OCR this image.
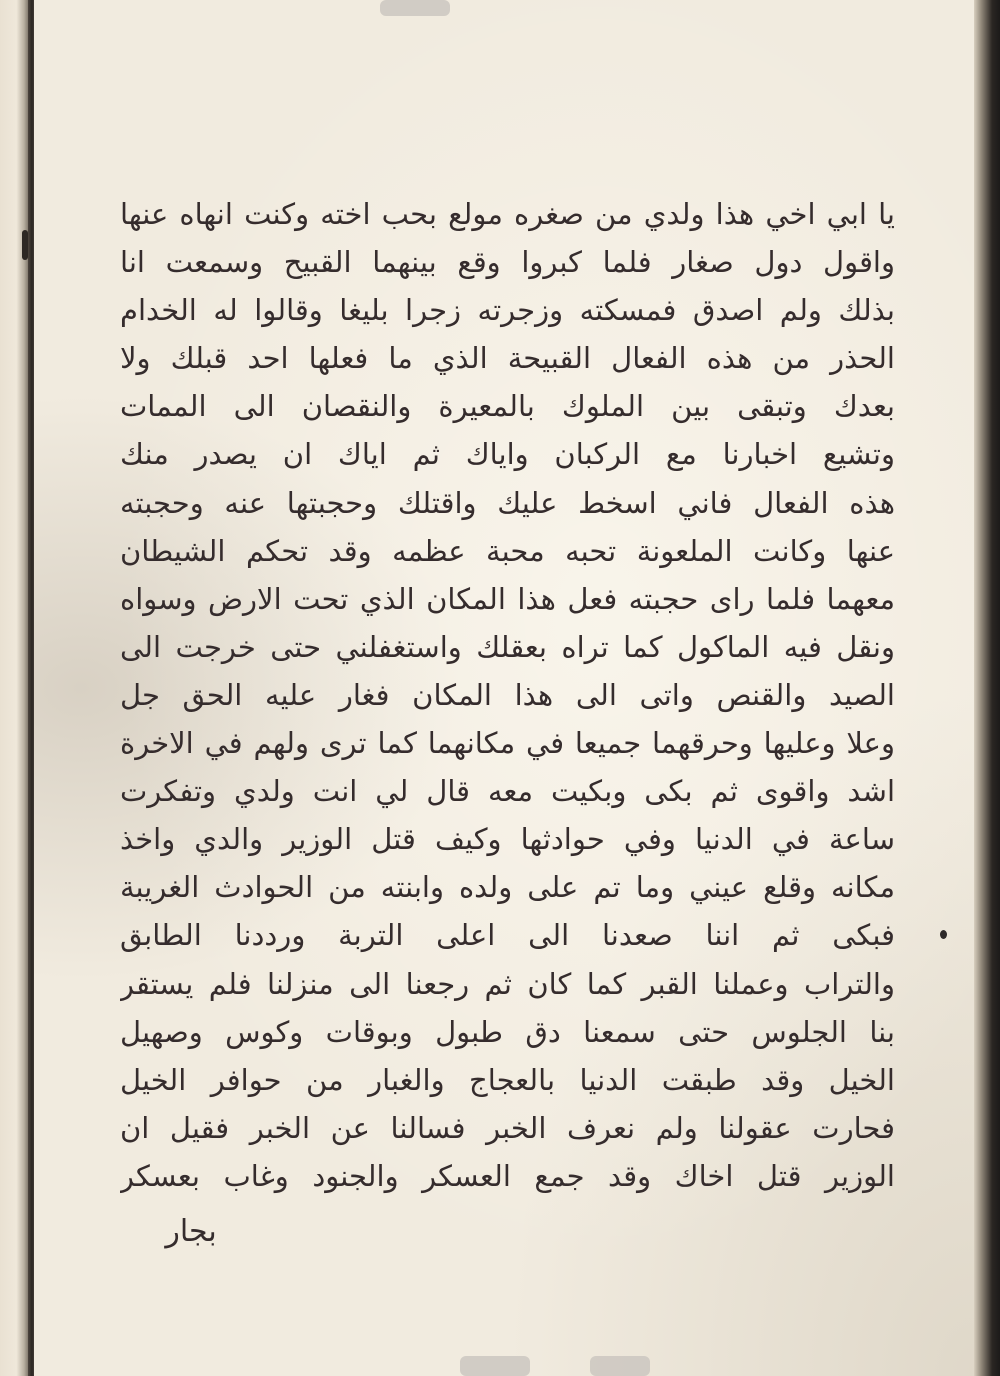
يا ابي اخي هذا ولدي من صغره مولع بحب اخته وكنت انهاه عنها
واقول دول صغار فلما كبروا وقع بينهما القبيح وسمعت انا
بذلك ولم اصدق فمسكته وزجرته زجرا بليغا وقالوا له الخدام
الحذر من هذه الفعال القبيحة الذي ما فعلها احد قبلك ولا
بعدك وتبقى بين الملوك بالمعيرة والنقصان الى الممات
وتشيع اخبارنا مع الركبان واياك ثم اياك ان يصدر منك
هذه الفعال فاني اسخط عليك واقتلك وحجبتها عنه وحجبته
عنها وكانت الملعونة تحبه محبة عظمه وقد تحكم الشيطان
معهما فلما راى حجبته فعل هذا المكان الذي تحت الارض وسواه
ونقل فيه الماكول كما تراه بعقلك واستغفلني حتى خرجت الى
الصيد والقنص واتى الى هذا المكان فغار عليه الحق جل
وعلا وعليها وحرقهما جميعا في مكانهما كما ترى ولهم في الاخرة
اشد واقوى ثم بكى وبكيت معه قال لي انت ولدي وتفكرت
ساعة في الدنيا وفي حوادثها وكيف قتل الوزير والدي واخذ
مكانه وقلع عيني وما تم على ولده وابنته من الحوادث الغريبة
فبكى ثم اننا صعدنا الى اعلى التربة ورددنا الطابق
والتراب وعملنا القبر كما كان ثم رجعنا الى منزلنا فلم يستقر
بنا الجلوس حتى سمعنا دق طبول وبوقات وكوس وصهيل
الخيل وقد طبقت الدنيا بالعجاج والغبار من حوافر الخيل
فحارت عقولنا ولم نعرف الخبر فسالنا عن الخبر فقيل ان
الوزير قتل اخاك وقد جمع العسكر والجنود وغاب بعسكر
بجار
